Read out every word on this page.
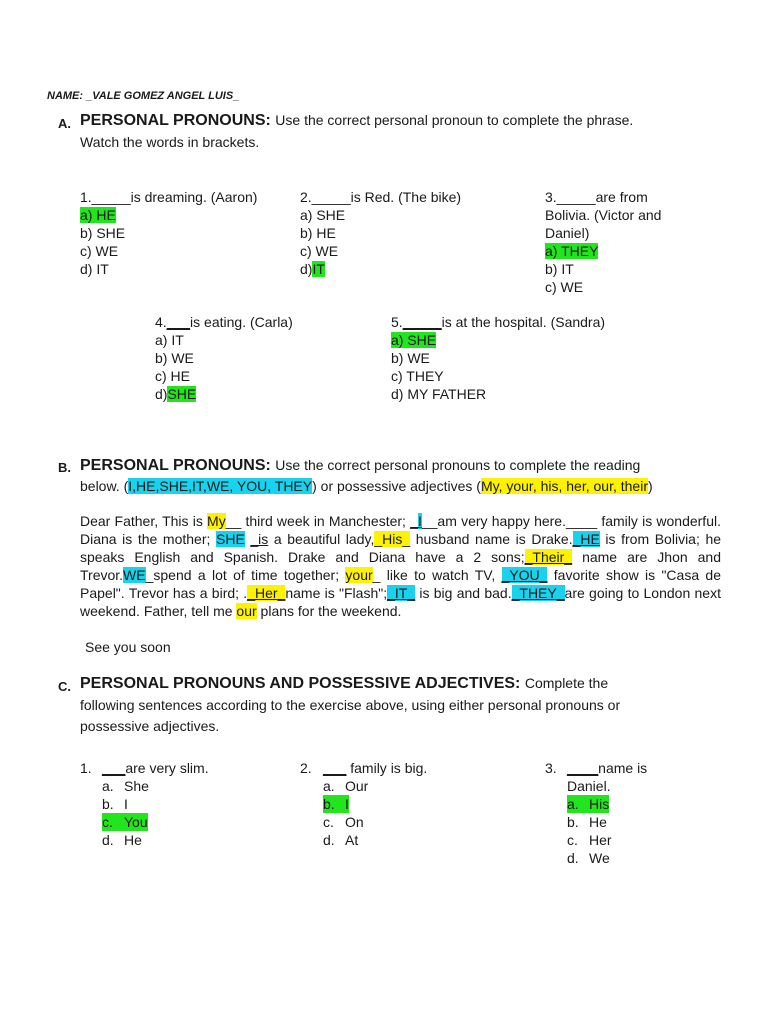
NAME: _VALE GOMEZ ANGEL LUIS_
A. PERSONAL PRONOUNS: Use the correct personal pronoun to complete the phrase.
Watch the words in brackets.
1._____is dreaming. (Aaron)
a) HE
b) SHE
c) WE
d) IT
2._____is Red. (The bike)
a) SHE
b) HE
c) WE
d)IT
3._____are from
Bolivia. (Victor and
Daniel)
a) THEY
b) IT
c) WE
4.___is eating. (Carla)
a) IT
b) WE
c) HE
d)SHE
5._____is at the hospital. (Sandra)
a) SHE
b) WE
c) THEY
d) MY FATHER
B. PERSONAL PRONOUNS: Use the correct personal pronouns to complete the reading
below. (I,HE,SHE,IT,WE, YOU, THEY) or possessive adjectives (My, your, his, her, our, their)
Dear Father, This is My__ third week in Manchester; _I__am very happy here.____ family is wonderful. Diana is the mother; SHE _is a beautiful lady,_His_ husband name is Drake._HE is from Bolivia; he speaks English and Spanish. Drake and Diana have a 2 sons;_Their_ name are Jhon and Trevor.WE_spend a lot of time together; your_ like to watch TV, _YOU_ favorite show is "Casa de Papel". Trevor has a bird; ._Her_name is "Flash";_IT_ is big and bad._THEY_are going to London next weekend. Father, tell me our plans for the weekend.
See you soon
C. PERSONAL PRONOUNS AND POSSESSIVE ADJECTIVES: Complete the
following sentences according to the exercise above, using either personal pronouns or
possessive adjectives.
1. ___ are very slim.
a. She
b. I
c. You
d. He
2. ___ family is big.
a. Our
b. I
c. On
d. At
3. ____ name is
Daniel.
a. His
b. He
c. Her
d. We
